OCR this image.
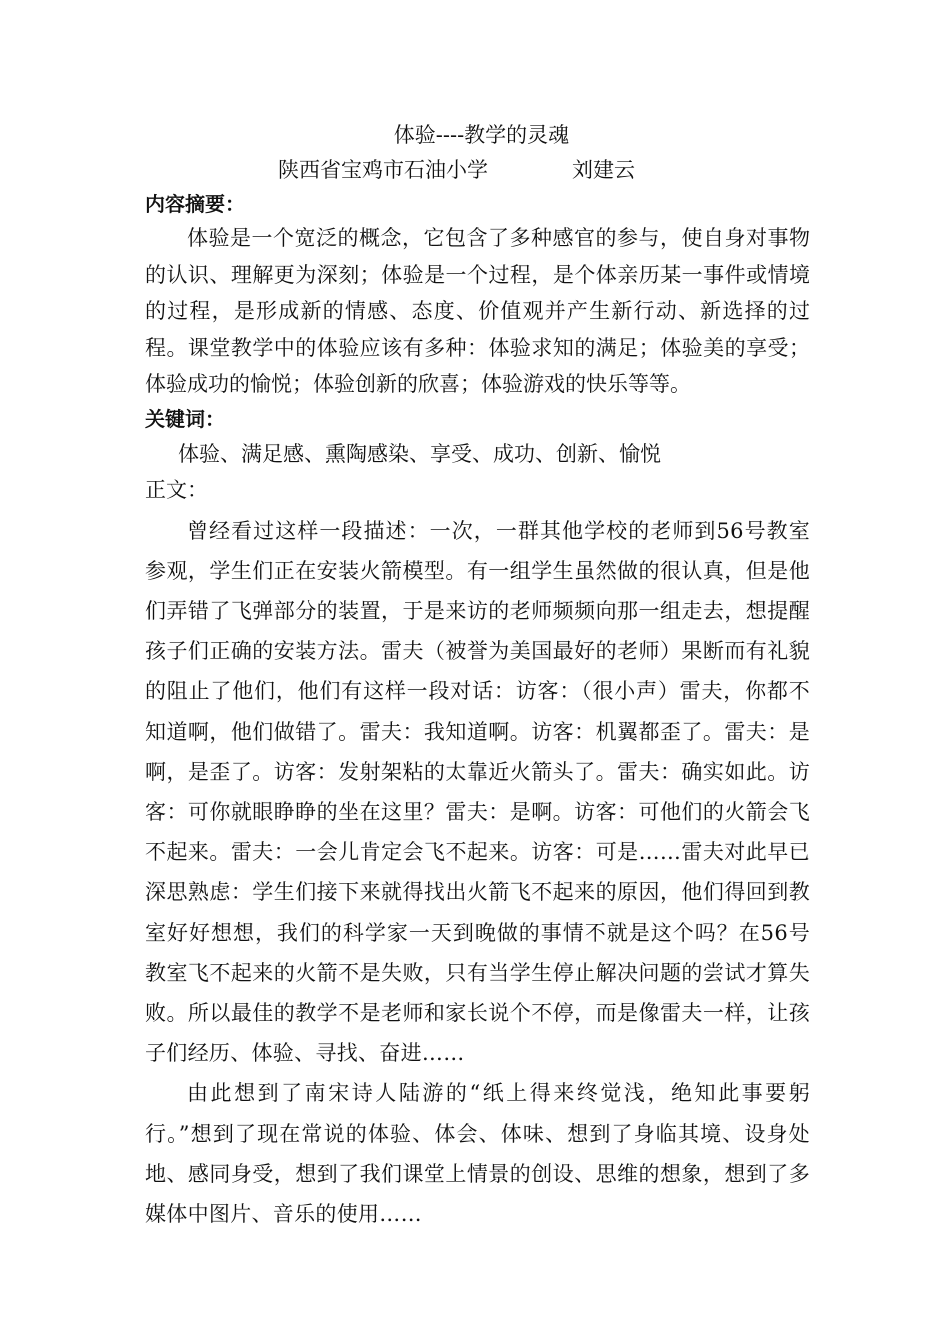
体验----教学的灵魂
陕西省宝鸡市石油小学	刘建云
内容摘要：

体验是一个宽泛的概念，它包含了多种感官的参与，使自身对事物的认识、理解更为深刻；体验是一个过程，是个体亲历某一事件或情境的过程，是形成新的情感、态度、价值观并产生新行动、新选择的过程。课堂教学中的体验应该有多种：体验求知的满足；体验美的享受；体验成功的愉悦；体验创新的欣喜；体验游戏的快乐等等。

关键词：

体验、满足感、熏陶感染、享受、成功、创新、愉悦

正文：

曾经看过这样一段描述：一次，一群其他学校的老师到56号教室参观，学生们正在安装火箭模型。有一组学生虽然做的很认真，但是他们弄错了飞弹部分的装置，于是来访的老师频频向那一组走去，想提醒孩子们正确的安装方法。雷夫（被誉为美国最好的老师）果断而有礼貌的阻止了他们，他们有这样一段对话：访客：（很小声）雷夫，你都不知道啊，他们做错了。雷夫：我知道啊。访客：机翼都歪了。雷夫：是啊，是歪了。访客：发射架粘的太靠近火箭头了。雷夫：确实如此。访客：可你就眼睁睁的坐在这里？雷夫：是啊。访客：可他们的火箭会飞不起来。雷夫：一会儿肯定会飞不起来。访客：可是……雷夫对此早已深思熟虑：学生们接下来就得找出火箭飞不起来的原因，他们得回到教室好好想想，我们的科学家一天到晚做的事情不就是这个吗？在56号教室飞不起来的火箭不是失败，只有当学生停止解决问题的尝试才算失败。所以最佳的教学不是老师和家长说个不停，而是像雷夫一样，让孩子们经历、体验、寻找、奋进……

由此想到了南宋诗人陆游的“纸上得来终觉浅，绝知此事要躬行。”想到了现在常说的体验、体会、体味、想到了身临其境、设身处地、感同身受，想到了我们课堂上情景的创设、思维的想象，想到了多媒体中图片、音乐的使用……
